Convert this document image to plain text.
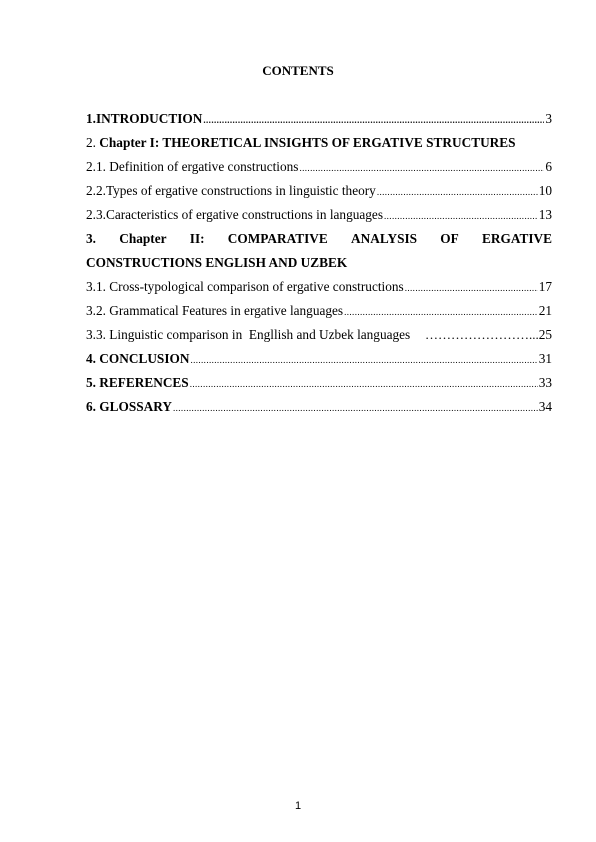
CONTENTS
1.INTRODUCTION .....	3
2. Chapter I: THEORETICAL INSIGHTS OF ERGATIVE STRUCTURES
2.1. Definition of ergative constructions .....	6
2.2.Types of ergative constructions in linguistic theory .....	10
2.3.Caracteristics of ergative constructions in languages .....	13
3. Chapter II: COMPARATIVE ANALYSIS OF ERGATIVE
CONSTRUCTIONS ENGLISH AND UZBEK
3.1. Cross-typological comparison of ergative constructions .....	17
3.2. Grammatical Features in ergative languages .....	21
3.3. Linguistic comparison in  Engllish and Uzbek languages ……………………... 25
4. CONCLUSION .....	31
5. REFERENCES .....	33
6. GLOSSARY .....	34
1
